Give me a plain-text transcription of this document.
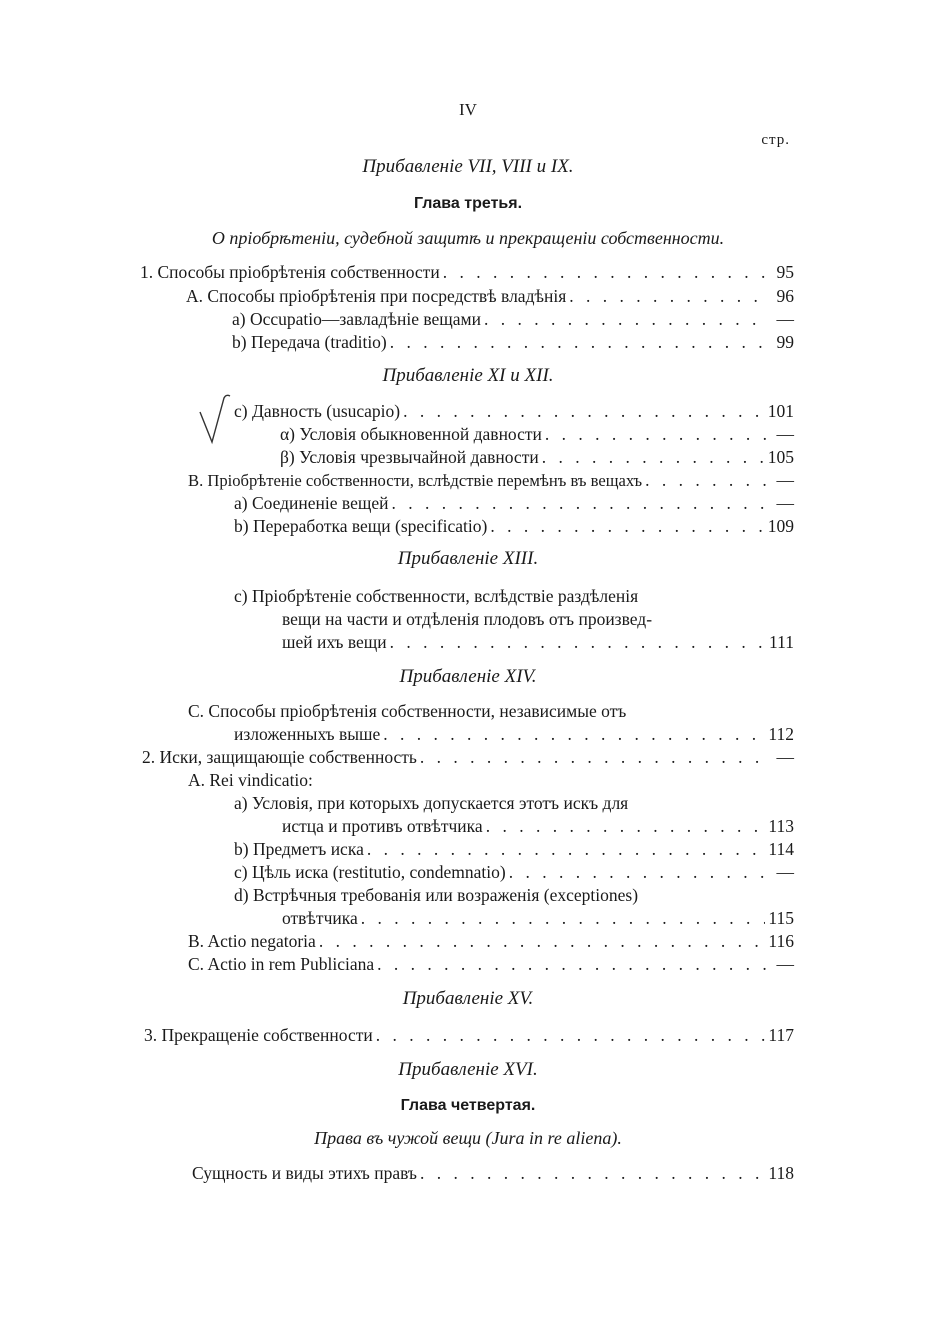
IV
стр.
Прибавленіе VII, VIII и IX.
Глава третья.
О пріобрѣтеніи, судебной защитѣ и прекращеніи собственности.
1. Способы пріобрѣтенія собственности . . .	95
A. Способы пріобрѣтенія при посредствѣ владѣнія . . .	96
a) Occupatio—завладѣніе вещами . . .	—
b) Передача (traditio) . . .	99
Прибавленіе XI и XII.
c) Давность (usucapio) . . .	101
α) Условія обыкновенной давности . . .	—
β) Условія чрезвычайной давности . . .	105
B. Пріобрѣтеніе собственности, вслѣдствіе перемѣнъ въ вещахъ . . .	—
a) Соединеніе вещей . . .	—
b) Переработка вещи (specificatio) . . .	109
Прибавленіе XIII.
c) Пріобрѣтеніе собственности, вслѣдствіе раздѣленія
вещи на части и отдѣленія плодовъ отъ произвед-
шей ихъ вещи . . .	111
Прибавленіе XIV.
C. Способы пріобрѣтенія собственности, независимые отъ
изложенныхъ выше . . .	112
2. Иски, защищающіе собственность . . .	—
A. Rei vindicatio:
a) Условія, при которыхъ допускается этотъ искъ для
истца и противъ отвѣтчика . . .	113
b) Предметъ иска . . .	114
c) Цѣль иска (restitutio, condemnatio) . . .	—
d) Встрѣчныя требованія или возраженія (exceptiones)
отвѣтчика . . .	115
B. Actio negatoria . . .	116
C. Actio in rem Publiciana . . .	—
Прибавленіе XV.
3. Прекращеніе собственности . . .	117
Прибавленіе XVI.
Глава четвертая.
Права въ чужой вещи (Jura in re aliena).
Сущность и виды этихъ правъ . . .	118
